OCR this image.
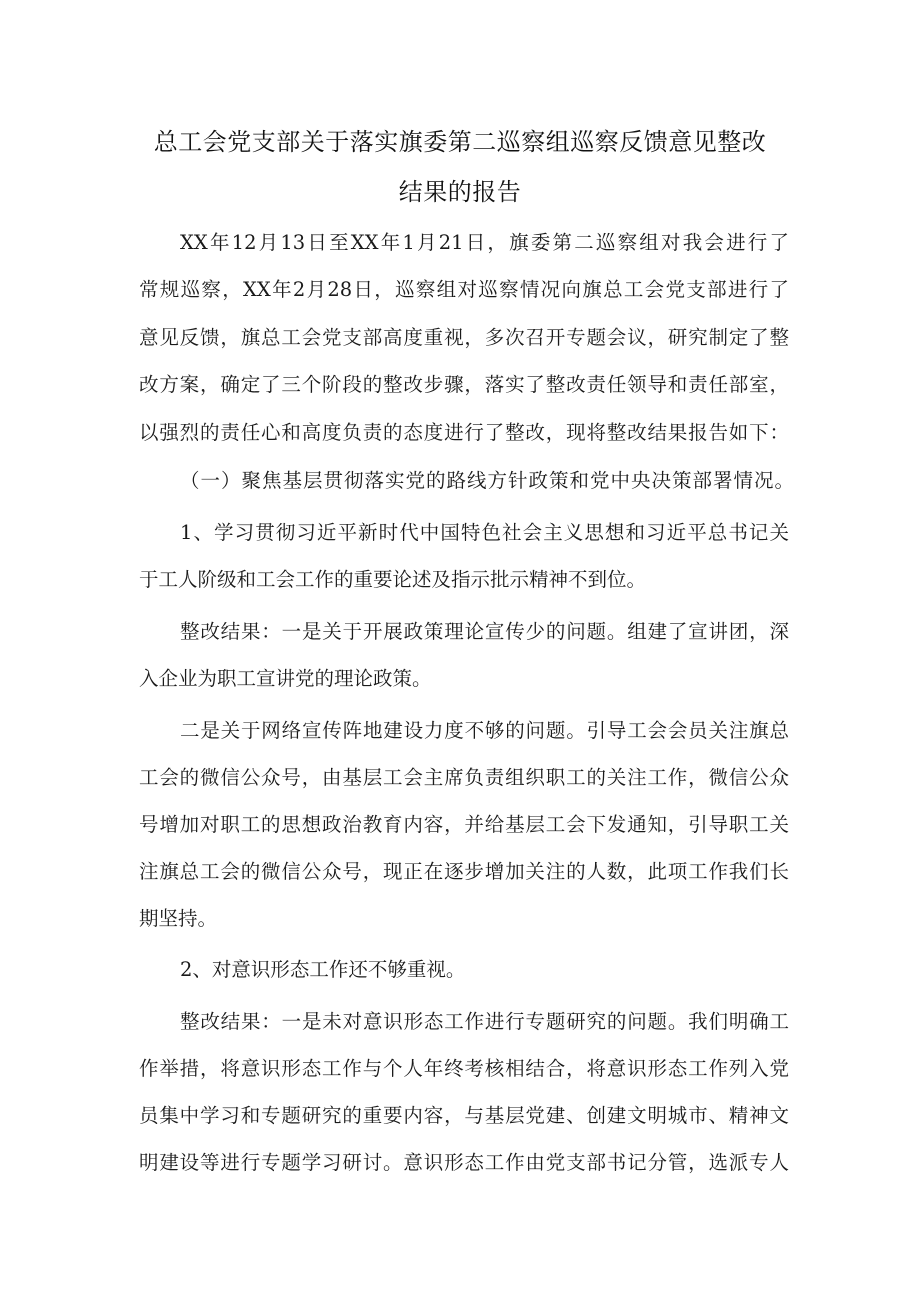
总工会党支部关于落实旗委第二巡察组巡察反馈意见整改
结果的报告
XX年12月13日至XX年1月21日，旗委第二巡察组对我会进行了
常规巡察，XX年2月28日，巡察组对巡察情况向旗总工会党支部进行了
意见反馈，旗总工会党支部高度重视，多次召开专题会议，研究制定了整
改方案，确定了三个阶段的整改步骤，落实了整改责任领导和责任部室，
以强烈的责任心和高度负责的态度进行了整改，现将整改结果报告如下：
（一）聚焦基层贯彻落实党的路线方针政策和党中央决策部署情况。
1、学习贯彻习近平新时代中国特色社会主义思想和习近平总书记关
于工人阶级和工会工作的重要论述及指示批示精神不到位。
整改结果：一是关于开展政策理论宣传少的问题。组建了宣讲团，深
入企业为职工宣讲党的理论政策。
二是关于网络宣传阵地建设力度不够的问题。引导工会会员关注旗总
工会的微信公众号，由基层工会主席负责组织职工的关注工作，微信公众
号增加对职工的思想政治教育内容，并给基层工会下发通知，引导职工关
注旗总工会的微信公众号，现正在逐步增加关注的人数，此项工作我们长
期坚持。
2、对意识形态工作还不够重视。
整改结果：一是未对意识形态工作进行专题研究的问题。我们明确工
作举措，将意识形态工作与个人年终考核相结合，将意识形态工作列入党
员集中学习和专题研究的重要内容，与基层党建、创建文明城市、精神文
明建设等进行专题学习研讨。意识形态工作由党支部书记分管，选派专人
